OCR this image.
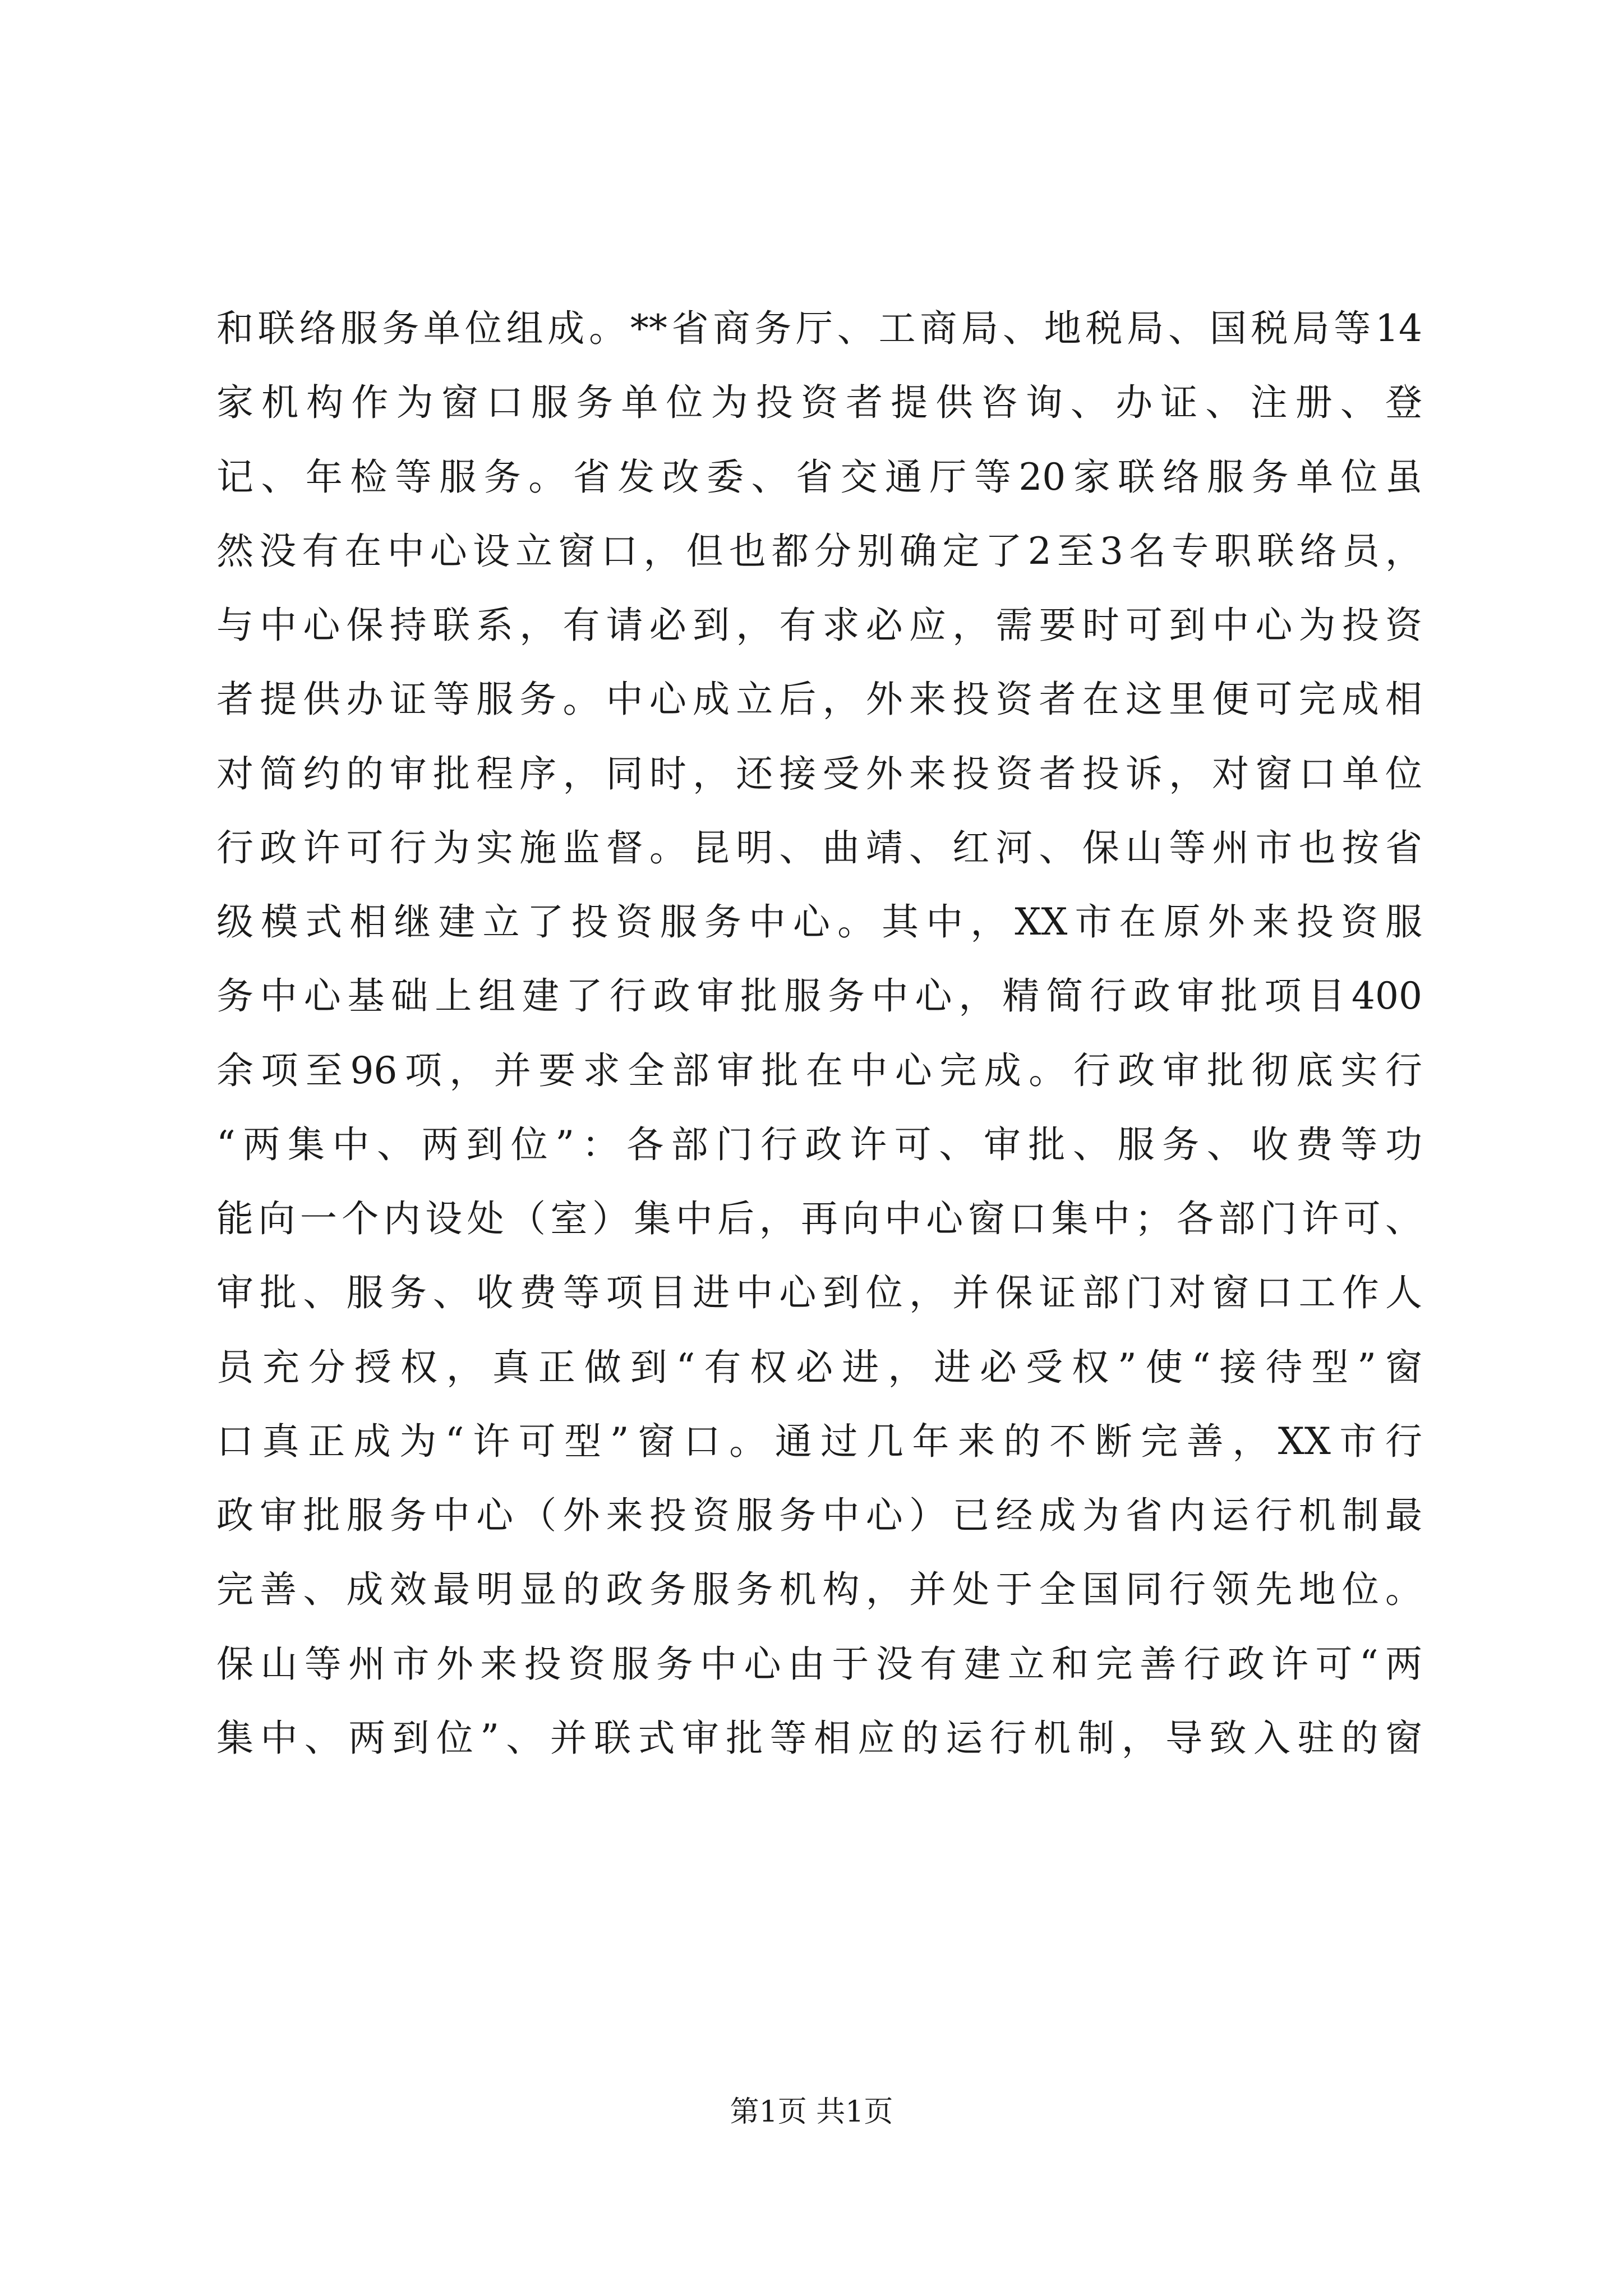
和联络服务单位组成。**省商务厅、工商局、地税局、国税局等14
家机构作为窗口服务单位为投资者提供咨询、办证、注册、登
记、年检等服务。省发改委、省交通厅等20家联络服务单位虽
然没有在中心设立窗口，但也都分别确定了2至3名专职联络员，
与中心保持联系，有请必到，有求必应，需要时可到中心为投资
者提供办证等服务。中心成立后，外来投资者在这里便可完成相
对简约的审批程序，同时，还接受外来投资者投诉，对窗口单位
行政许可行为实施监督。昆明、曲靖、红河、保山等州市也按省
级模式相继建立了投资服务中心。其中，XX市在原外来投资服
务中心基础上组建了行政审批服务中心，精简行政审批项目400
余项至96项，并要求全部审批在中心完成。行政审批彻底实行
“两集中、两到位”：各部门行政许可、审批、服务、收费等功
能向一个内设处（室）集中后，再向中心窗口集中；各部门许可、
审批、服务、收费等项目进中心到位，并保证部门对窗口工作人
员充分授权，真正做到“有权必进，进必受权”使“接待型”窗
口真正成为“许可型”窗口。通过几年来的不断完善，XX市行
政审批服务中心（外来投资服务中心）已经成为省内运行机制最
完善、成效最明显的政务服务机构，并处于全国同行领先地位。
保山等州市外来投资服务中心由于没有建立和完善行政许可“两
集中、两到位”、并联式审批等相应的运行机制，导致入驻的窗
第1页 共1页
